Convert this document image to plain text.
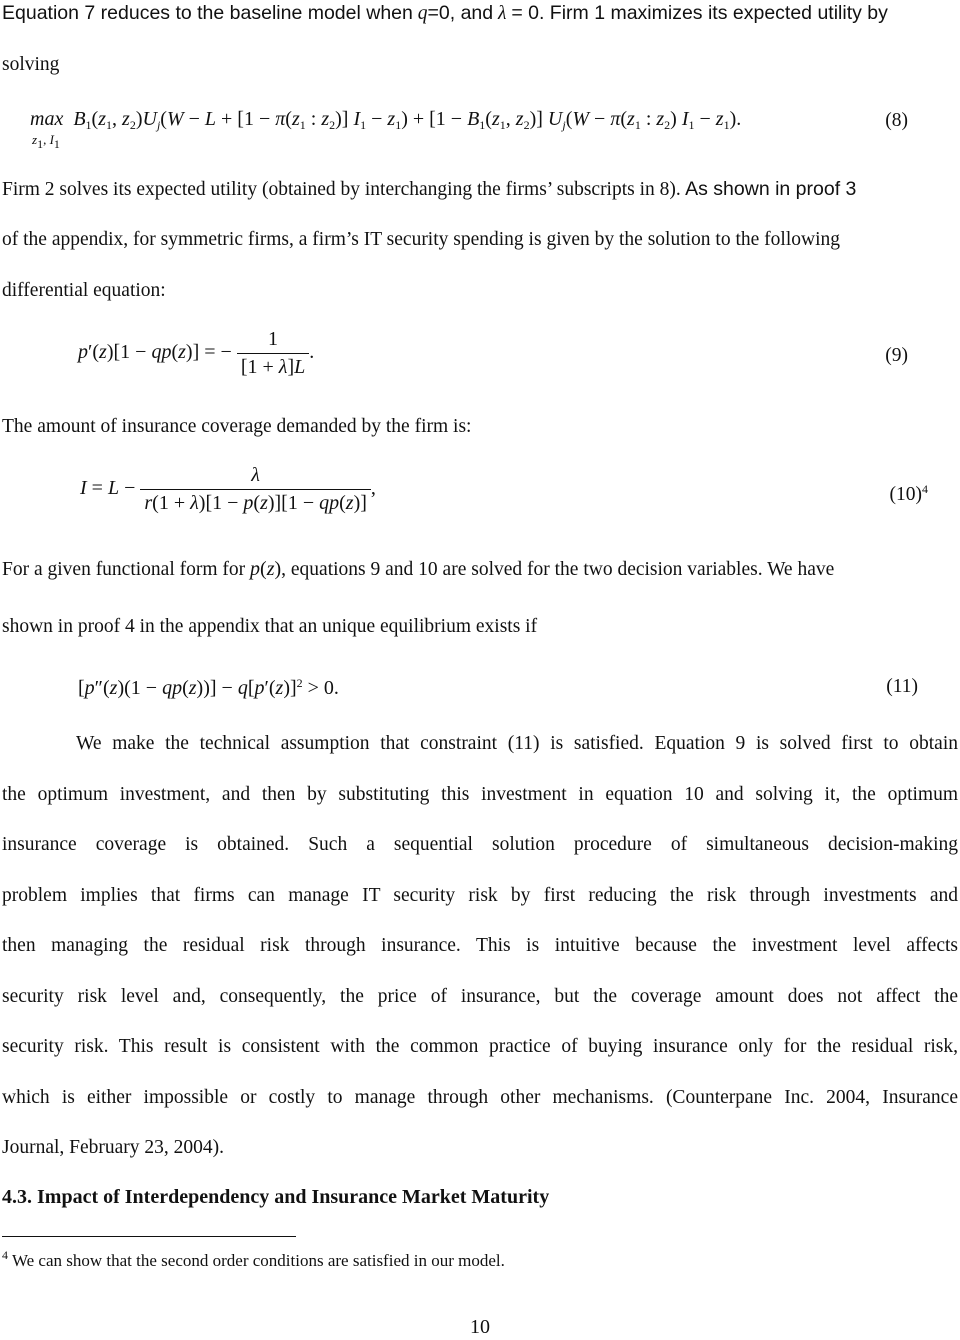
Equation 7 reduces to the baseline model when q=0, and λ = 0. Firm 1 maximizes its expected utility by
solving
$\max B_1(z_1$, $z_2)U_j(W - L + [1 - \pi(z_1$ : $z_2$)] $I_1 - z_1) + [1 - B_1(z_1$, $z_2$)] $U_j(W - \pi(z_1$ : $z_2$) $I_1 - z_1$).
$z_1$, $I_1$
(8)
Firm 2 solves its expected utility (obtained by interchanging the firms’ subscripts in 8). As shown in proof 3
of the appendix, for symmetric firms, a firm’s IT security spending is given by the solution to the following
differential equation:
p′(z)[1 − qp(z)] = − $\frac{1}{[1 + \lambda]L}$ .	(9)
The amount of insurance coverage demanded by the firm is:
$I = L - \frac{\lambda}{r(1 + \lambda)[1 - p(z)][1 - qp(z)]}$ ,	$(10)^4$
For a given functional form for p(z), equations 9 and 10 are solved for the two decision variables. We have
shown in proof 4 in the appendix that an unique equilibrium exists if
$[p''(z)(1 - qp(z))] - q[p'(z)]^2 > 0$.	(11)
We make the technical assumption that constraint (11) is satisfied. Equation 9 is solved first to obtain
the optimum investment, and then by substituting this investment in equation 10 and solving it, the optimum
insurance coverage is obtained. Such a sequential solution procedure of simultaneous decision-making
problem implies that firms can manage IT security risk by first reducing the risk through investments and
then managing the residual risk through insurance. This is intuitive because the investment level affects
security risk level and, consequently, the price of insurance, but the coverage amount does not affect the
security risk. This result is consistent with the common practice of buying insurance only for the residual risk,
which is either impossible or costly to manage through other mechanisms. (Counterpane Inc. 2004, Insurance
Journal, February 23, 2004).
4.3. Impact of Interdependency and Insurance Market Maturity
$^4$ We can show that the second order conditions are satisfied in our model.
10
